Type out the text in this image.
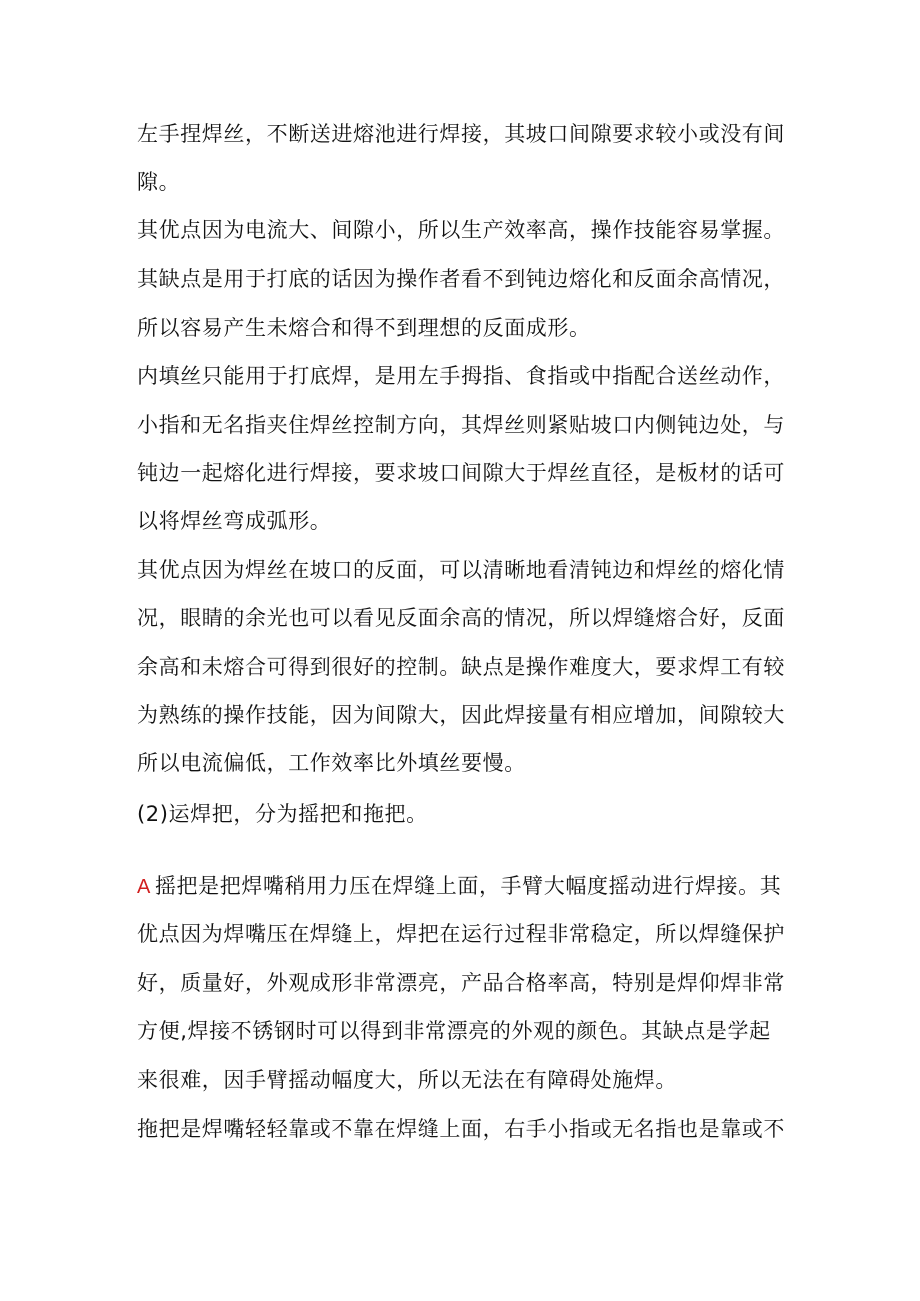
左手捏焊丝，不断送进熔池进行焊接，其坡口间隙要求较小或没有间
隙。
其优点因为电流大、间隙小，所以生产效率高，操作技能容易掌握。
其缺点是用于打底的话因为操作者看不到钝边熔化和反面余高情况，
所以容易产生未熔合和得不到理想的反面成形。
内填丝只能用于打底焊，是用左手拇指、食指或中指配合送丝动作，
小指和无名指夹住焊丝控制方向，其焊丝则紧贴坡口内侧钝边处，与
钝边一起熔化进行焊接，要求坡口间隙大于焊丝直径，是板材的话可
以将焊丝弯成弧形。
其优点因为焊丝在坡口的反面，可以清晰地看清钝边和焊丝的熔化情
况，眼睛的余光也可以看见反面余高的情况，所以焊缝熔合好，反面
余高和未熔合可得到很好的控制。缺点是操作难度大，要求焊工有较
为熟练的操作技能，因为间隙大，因此焊接量有相应增加，间隙较大
所以电流偏低，工作效率比外填丝要慢。
(2)运焊把，分为摇把和拖把。
A 摇把是把焊嘴稍用力压在焊缝上面，手臂大幅度摇动进行焊接。其
优点因为焊嘴压在焊缝上，焊把在运行过程非常稳定，所以焊缝保护
好，质量好，外观成形非常漂亮，产品合格率高，特别是焊仰焊非常
方便,焊接不锈钢时可以得到非常漂亮的外观的颜色。其缺点是学起
来很难，因手臂摇动幅度大，所以无法在有障碍处施焊。
拖把是焊嘴轻轻靠或不靠在焊缝上面，右手小指或无名指也是靠或不
